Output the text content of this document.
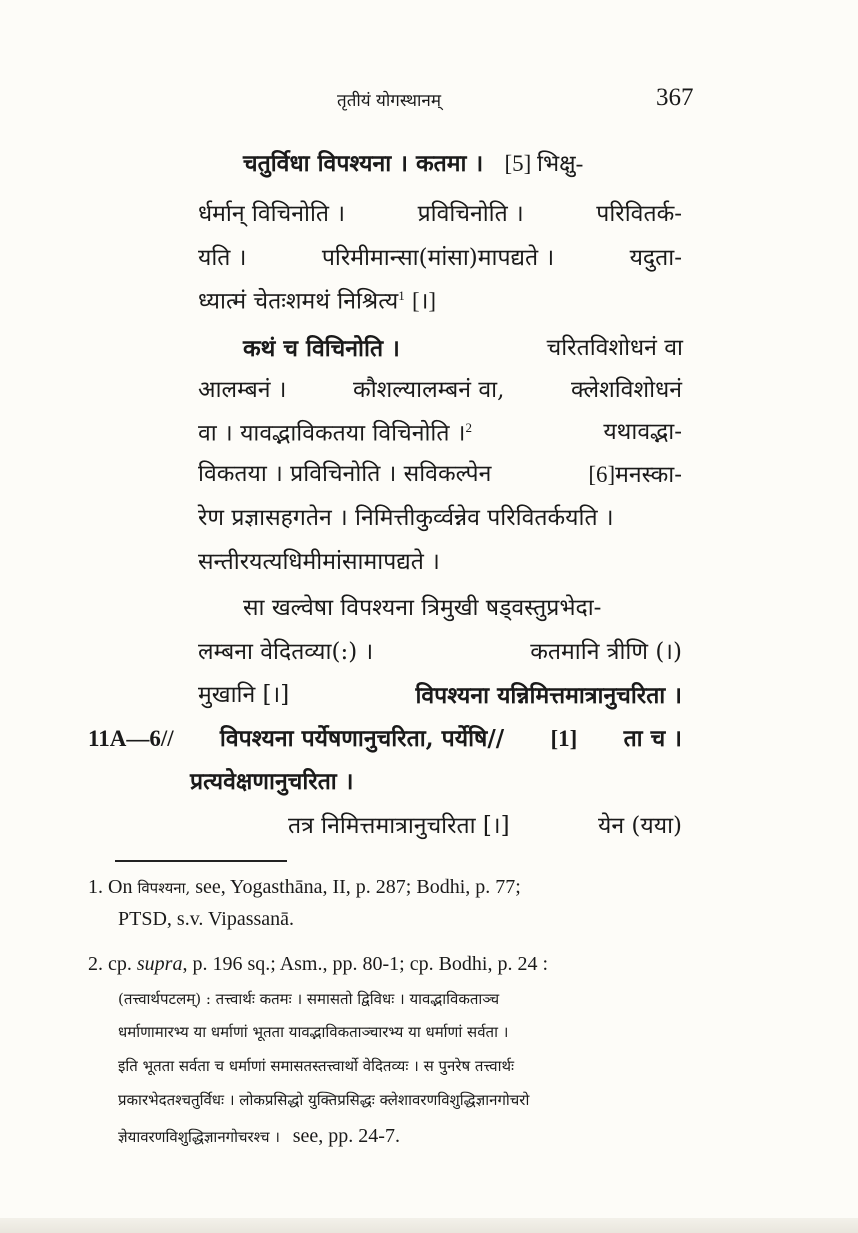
तृतीयं योगस्थानम्	367
चतुर्विधा विपश्यना । कतमा । [5] भिक्षु-
र्धर्मान् विचिनोति ।	प्रविचिनोति ।	परिवितर्क-
यति ।	परिमीमान्सा(मांसा)मापद्यते ।	यदुता-
ध्यात्मं चेतःशमथं निश्रित्य$^1$ [।]
कथं च विचिनोति ।	चरितविशोधनं वा
आलम्बनं ।	कौशल्यालम्बनं वा,	क्लेशविशोधनं
वा । यावद्भाविकतया विचिनोति ।$^2$	यथावद्भा-
विकतया । प्रविचिनोति । सविकल्पेन	[6]मनस्का-
रेण प्रज्ञासहगतेन । निमित्तीकुर्व्वन्नेव परिवितर्कयति ।
सन्तीरयत्यधिमीमांसामापद्यते ।
सा खल्वेषा विपश्यना त्रिमुखी षड्वस्तुप्रभेदा-
लम्बना वेदितव्या(:) ।	कतमानि त्रीणि (।)
मुखानि [।]	विपश्यना यन्निमित्तमात्रानुचरिता ।
11A—6// विपश्यना पर्येषणानुचरिता, पर्येषि// [1] ता च ।
प्रत्यवेक्षणानुचरिता ।
तत्र निमित्तमात्रानुचरिता [।]	येन (यया)
1. On विपश्यना, see, Yogasthāna, II, p. 287; Bodhi, p. 77;
PTSD, s.v. Vipassanā.
2. cp. supra, p. 196 sq.; Asm., pp. 80-1; cp. Bodhi, p. 24 :
(तत्त्वार्थपटलम्) : तत्त्वार्थः कतमः । समासतो द्विविधः । यावद्भाविकताञ्च
धर्माणामारभ्य या धर्माणां भूतता यावद्भाविकताञ्चारभ्य या धर्माणां सर्वता ।
इति भूतता सर्वता च धर्माणां समासतस्तत्त्वार्थो वेदितव्यः । स पुनरेष तत्त्वार्थः
प्रकारभेदतश्चतुर्विधः । लोकप्रसिद्धो युक्तिप्रसिद्धः क्लेशावरणविशुद्धिज्ञानगोचरो
ज्ञेयावरणविशुद्धिज्ञानगोचरश्च । see, pp. 24-7.
